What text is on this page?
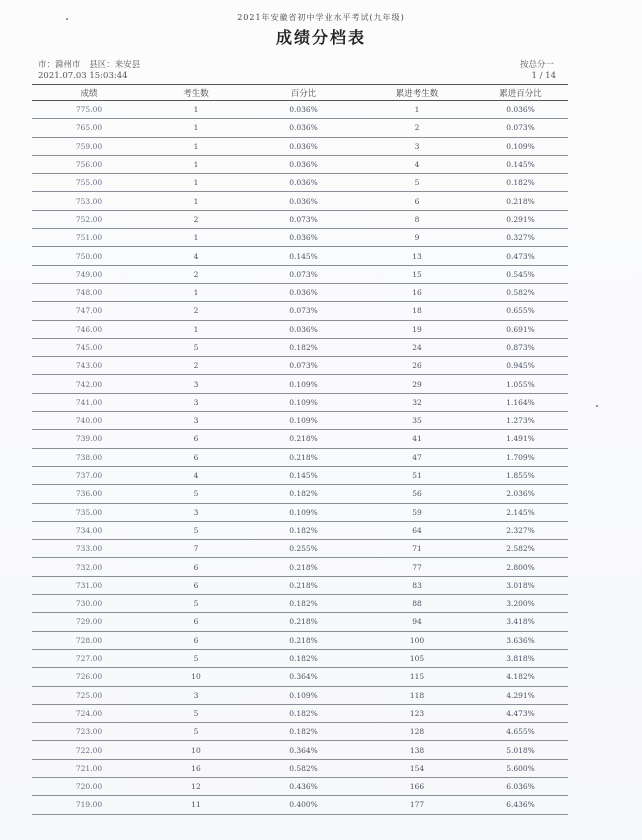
2021年安徽省初中学业水平考试(九年级)
成绩分档表
市：滁州市 县区：来安县
2021.07.03 15:03:44
按总分一
1 / 14
成绩	考生数	百分比	累进考生数	累进百分比
775.00	1	0.036%	1	0.036%
765.00	1	0.036%	2	0.073%
759.00	1	0.036%	3	0.109%
756.00	1	0.036%	4	0.145%
755.00	1	0.036%	5	0.182%
753.00	1	0.036%	6	0.218%
752.00	2	0.073%	8	0.291%
751.00	1	0.036%	9	0.327%
750.00	4	0.145%	13	0.473%
749.00	2	0.073%	15	0.545%
748.00	1	0.036%	16	0.582%
747.00	2	0.073%	18	0.655%
746.00	1	0.036%	19	0.691%
745.00	5	0.182%	24	0.873%
743.00	2	0.073%	26	0.945%
742.00	3	0.109%	29	1.055%
741.00	3	0.109%	32	1.164%
740.00	3	0.109%	35	1.273%
739.00	6	0.218%	41	1.491%
738.00	6	0.218%	47	1.709%
737.00	4	0.145%	51	1.855%
736.00	5	0.182%	56	2.036%
735.00	3	0.109%	59	2.145%
734.00	5	0.182%	64	2.327%
733.00	7	0.255%	71	2.582%
732.00	6	0.218%	77	2.800%
731.00	6	0.218%	83	3.018%
730.00	5	0.182%	88	3.200%
729.00	6	0.218%	94	3.418%
728.00	6	0.218%	100	3.636%
727.00	5	0.182%	105	3.818%
726.00	10	0.364%	115	4.182%
725.00	3	0.109%	118	4.291%
724.00	5	0.182%	123	4.473%
723.00	5	0.182%	128	4.655%
722.00	10	0.364%	138	5.018%
721.00	16	0.582%	154	5.600%
720.00	12	0.436%	166	6.036%
719.00	11	0.400%	177	6.436%
